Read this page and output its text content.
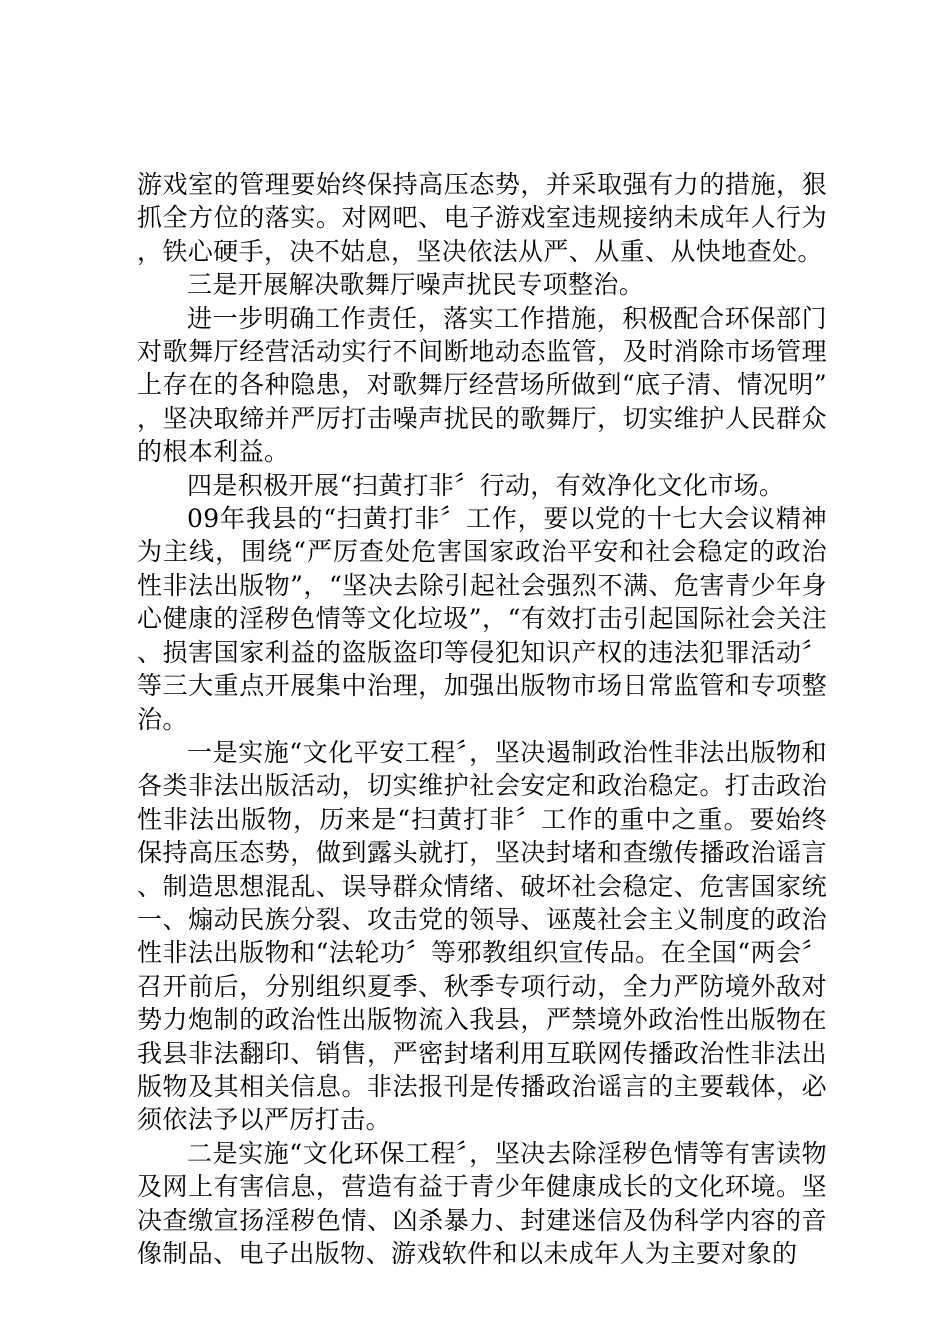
游戏室的管理要始终保持高压态势，并采取强有力的措施，狠抓全方位的落实。对网吧、电子游戏室违规接纳未成年人行为，铁心硬手，决不姑息，坚决依法从严、从重、从快地查处。

三是开展解决歌舞厅噪声扰民专项整治。

进一步明确工作责任，落实工作措施，积极配合环保部门对歌舞厅经营活动实行不间断地动态监管，及时消除市场管理上存在的各种隐患，对歌舞厅经营场所做到“底子清、情况明”，坚决取缔并严厉打击噪声扰民的歌舞厅，切实维护人民群众的根本利益。

四是积极开展“扫黄打非〞行动，有效净化文化市场。

09年我县的“扫黄打非〞工作，要以党的十七大会议精神为主线，围绕“严厉查处危害国家政治平安和社会稳定的政治性非法出版物”，“坚决去除引起社会强烈不满、危害青少年身心健康的淫秽色情等文化垃圾”，“有效打击引起国际社会关注、损害国家利益的盗版盗印等侵犯知识产权的违法犯罪活动〞等三大重点开展集中治理，加强出版物市场日常监管和专项整治。

一是实施“文化平安工程〞，坚决遏制政治性非法出版物和各类非法出版活动，切实维护社会安定和政治稳定。打击政治性非法出版物，历来是“扫黄打非〞工作的重中之重。要始终保持高压态势，做到露头就打，坚决封堵和查缴传播政治谣言、制造思想混乱、误导群众情绪、破坏社会稳定、危害国家统一、煽动民族分裂、攻击党的领导、诬蔑社会主义制度的政治性非法出版物和“法轮功〞等邪教组织宣传品。在全国“两会〞召开前后，分别组织夏季、秋季专项行动，全力严防境外敌对势力炮制的政治性出版物流入我县，严禁境外政治性出版物在我县非法翻印、销售，严密封堵利用互联网传播政治性非法出版物及其相关信息。非法报刊是传播政治谣言的主要载体，必须依法予以严厉打击。

二是实施“文化环保工程〞，坚决去除淫秽色情等有害读物及网上有害信息，营造有益于青少年健康成长的文化环境。坚决查缴宣扬淫秽色情、凶杀暴力、封建迷信及伪科学内容的音像制品、电子出版物、游戏软件和以未成年人为主要对象的
